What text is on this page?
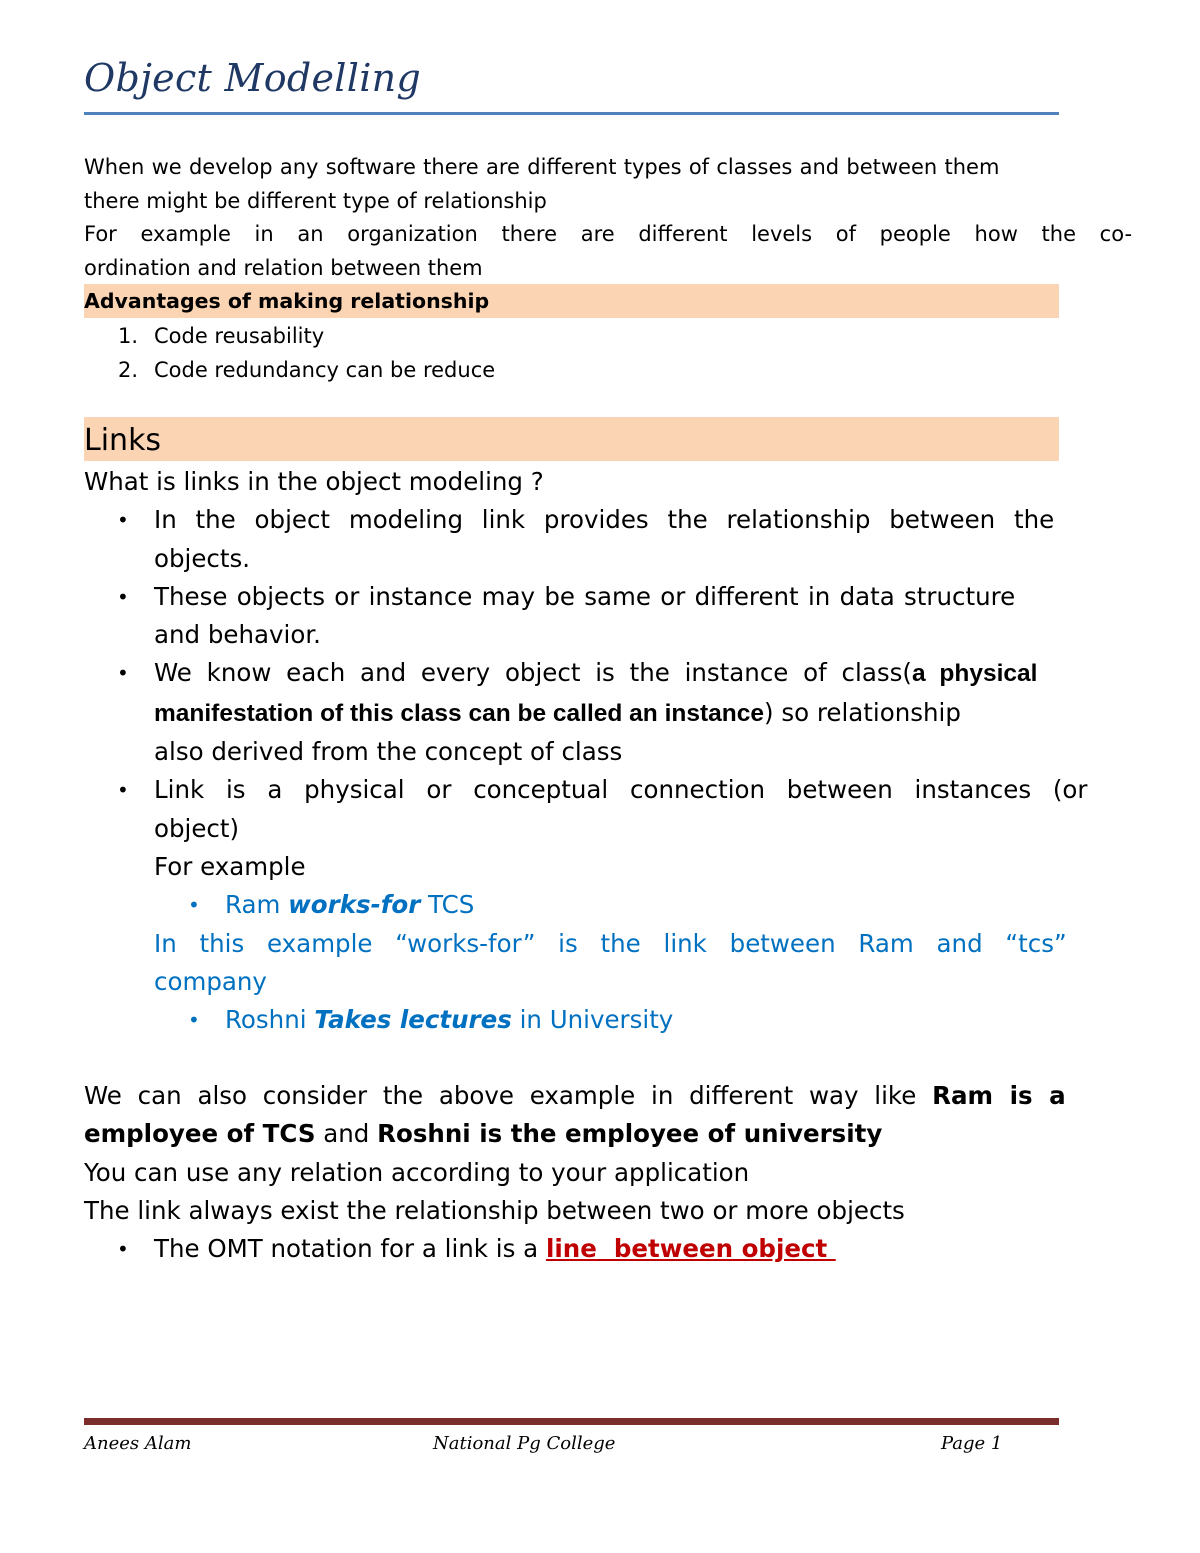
Object Modelling
When we develop any software there are different types of classes and between them
there might be different type of relationship
For example in an organization there are different levels of people how the co-
ordination and relation between them
Advantages of making relationship
1. Code reusability
2. Code redundancy can be reduce
Links
What is links in the object modeling ?
• In the object modeling link provides the relationship between the
objects.
• These objects or instance may be same or different in data structure
and behavior.
• We know each and every object is the instance of class(a physical
manifestation of this class can be called an instance) so relationship
also derived from the concept of class
• Link is a physical or conceptual connection between instances (or
object)
For example
• Ram works-for TCS
In this example “works-for” is the link between Ram and “tcs”
company
• Roshni Takes lectures in University
We can also consider the above example in different way like Ram is a
employee of TCS and Roshni is the employee of university
You can use any relation according to your application
The link always exist the relationship between two or more objects
• The OMT notation for a link is a line  between object
Anees Alam	National Pg College	Page 1
